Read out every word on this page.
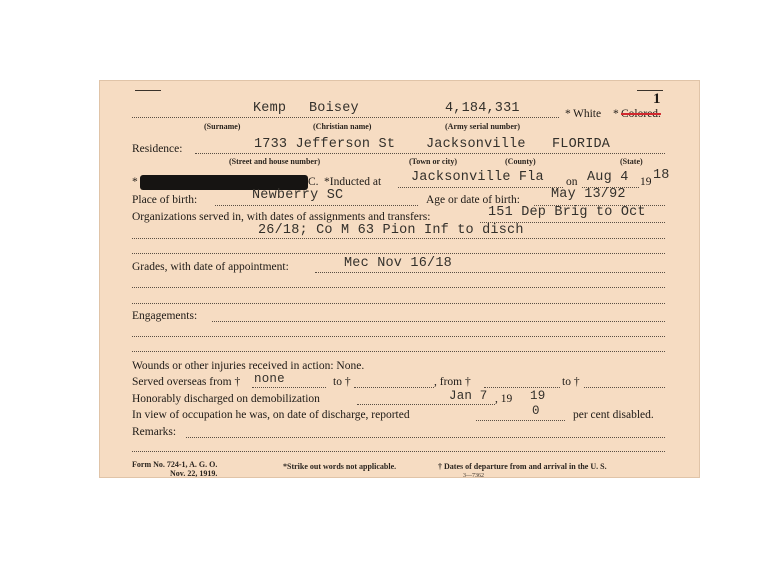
1
Kemp Boisey	4,184,331	* White * Colored.
(Surname)	(Christian name)	(Army serial number)
Residence:	1733 Jefferson St Jacksonville FLORIDA
(Street and house number)	(Town or city)	(County)	(State)
*	C. *Inducted at Jacksonville Fla on Aug 4 19 18
Place of birth:	Newberry SC	Age or date of birth: May 13/92
Organizations served in, with dates of assignments and transfers:	151 Dep Brig to Oct
26/18; Co M 63 Pion Inf to disch
Grades, with date of appointment:	Mec Nov 16/18
Engagements:
Wounds or other injuries received in action: None.
Served overseas from † none	to †	, from †	to †
Honorably discharged on demobilization	Jan 7 , 19 19
In view of occupation he was, on date of discharge, reported	0	per cent disabled.
Remarks:
Form No. 724-1, A. G. O.
Nov. 22, 1919.
*Strike out words not applicable.	† Dates of departure from and arrival in the U. S.
3—7362
